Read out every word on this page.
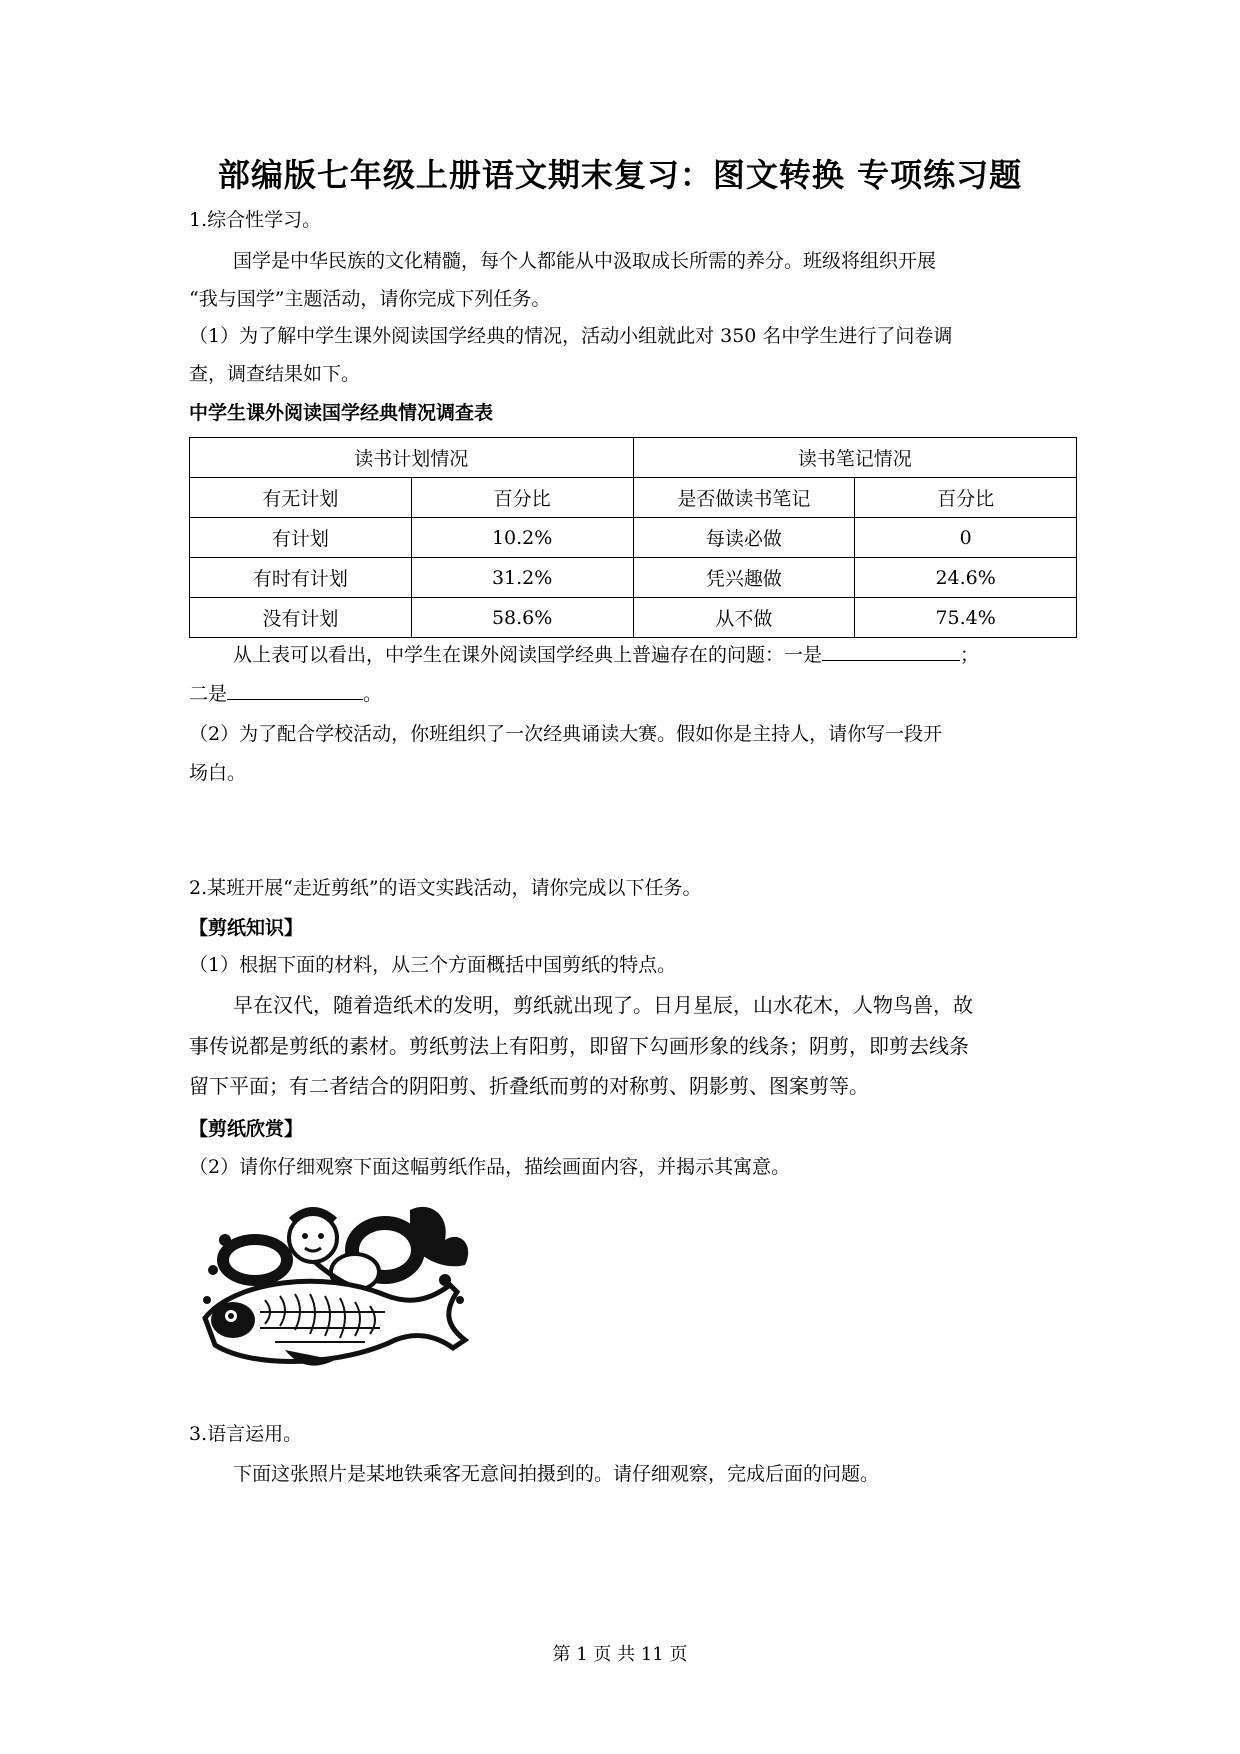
部编版七年级上册语文期末复习：图文转换 专项练习题
1.综合性学习。
国学是中华民族的文化精髓，每个人都能从中汲取成长所需的养分。班级将组织开展
“我与国学”主题活动，请你完成下列任务。
（1）为了解中学生课外阅读国学经典的情况，活动小组就此对 350 名中学生进行了问卷调
查，调查结果如下。
中学生课外阅读国学经典情况调查表
读书计划情况		读书笔记情况	
有无计划	百分比	是否做读书笔记	百分比
有计划	10.2%	每读必做	0
有时有计划	31.2%	凭兴趣做	24.6%
没有计划	58.6%	从不做	75.4%
从上表可以看出，中学生在课外阅读国学经典上普遍存在的问题：一是	；
二是	。
（2）为了配合学校活动，你班组织了一次经典诵读大赛。假如你是主持人，请你写一段开
场白。
2.某班开展“走近剪纸”的语文实践活动，请你完成以下任务。
【剪纸知识】
（1）根据下面的材料，从三个方面概括中国剪纸的特点。
早在汉代，随着造纸术的发明，剪纸就出现了。日月星辰，山水花木，人物鸟兽，故
事传说都是剪纸的素材。剪纸剪法上有阳剪，即留下勾画形象的线条；阴剪，即剪去线条
留下平面；有二者结合的阴阳剪、折叠纸而剪的对称剪、阴影剪、图案剪等。
【剪纸欣赏】
（2）请你仔细观察下面这幅剪纸作品，描绘画面内容，并揭示其寓意。
3.语言运用。
下面这张照片是某地铁乘客无意间拍摄到的。请仔细观察，完成后面的问题。
第 1 页 共 11 页
